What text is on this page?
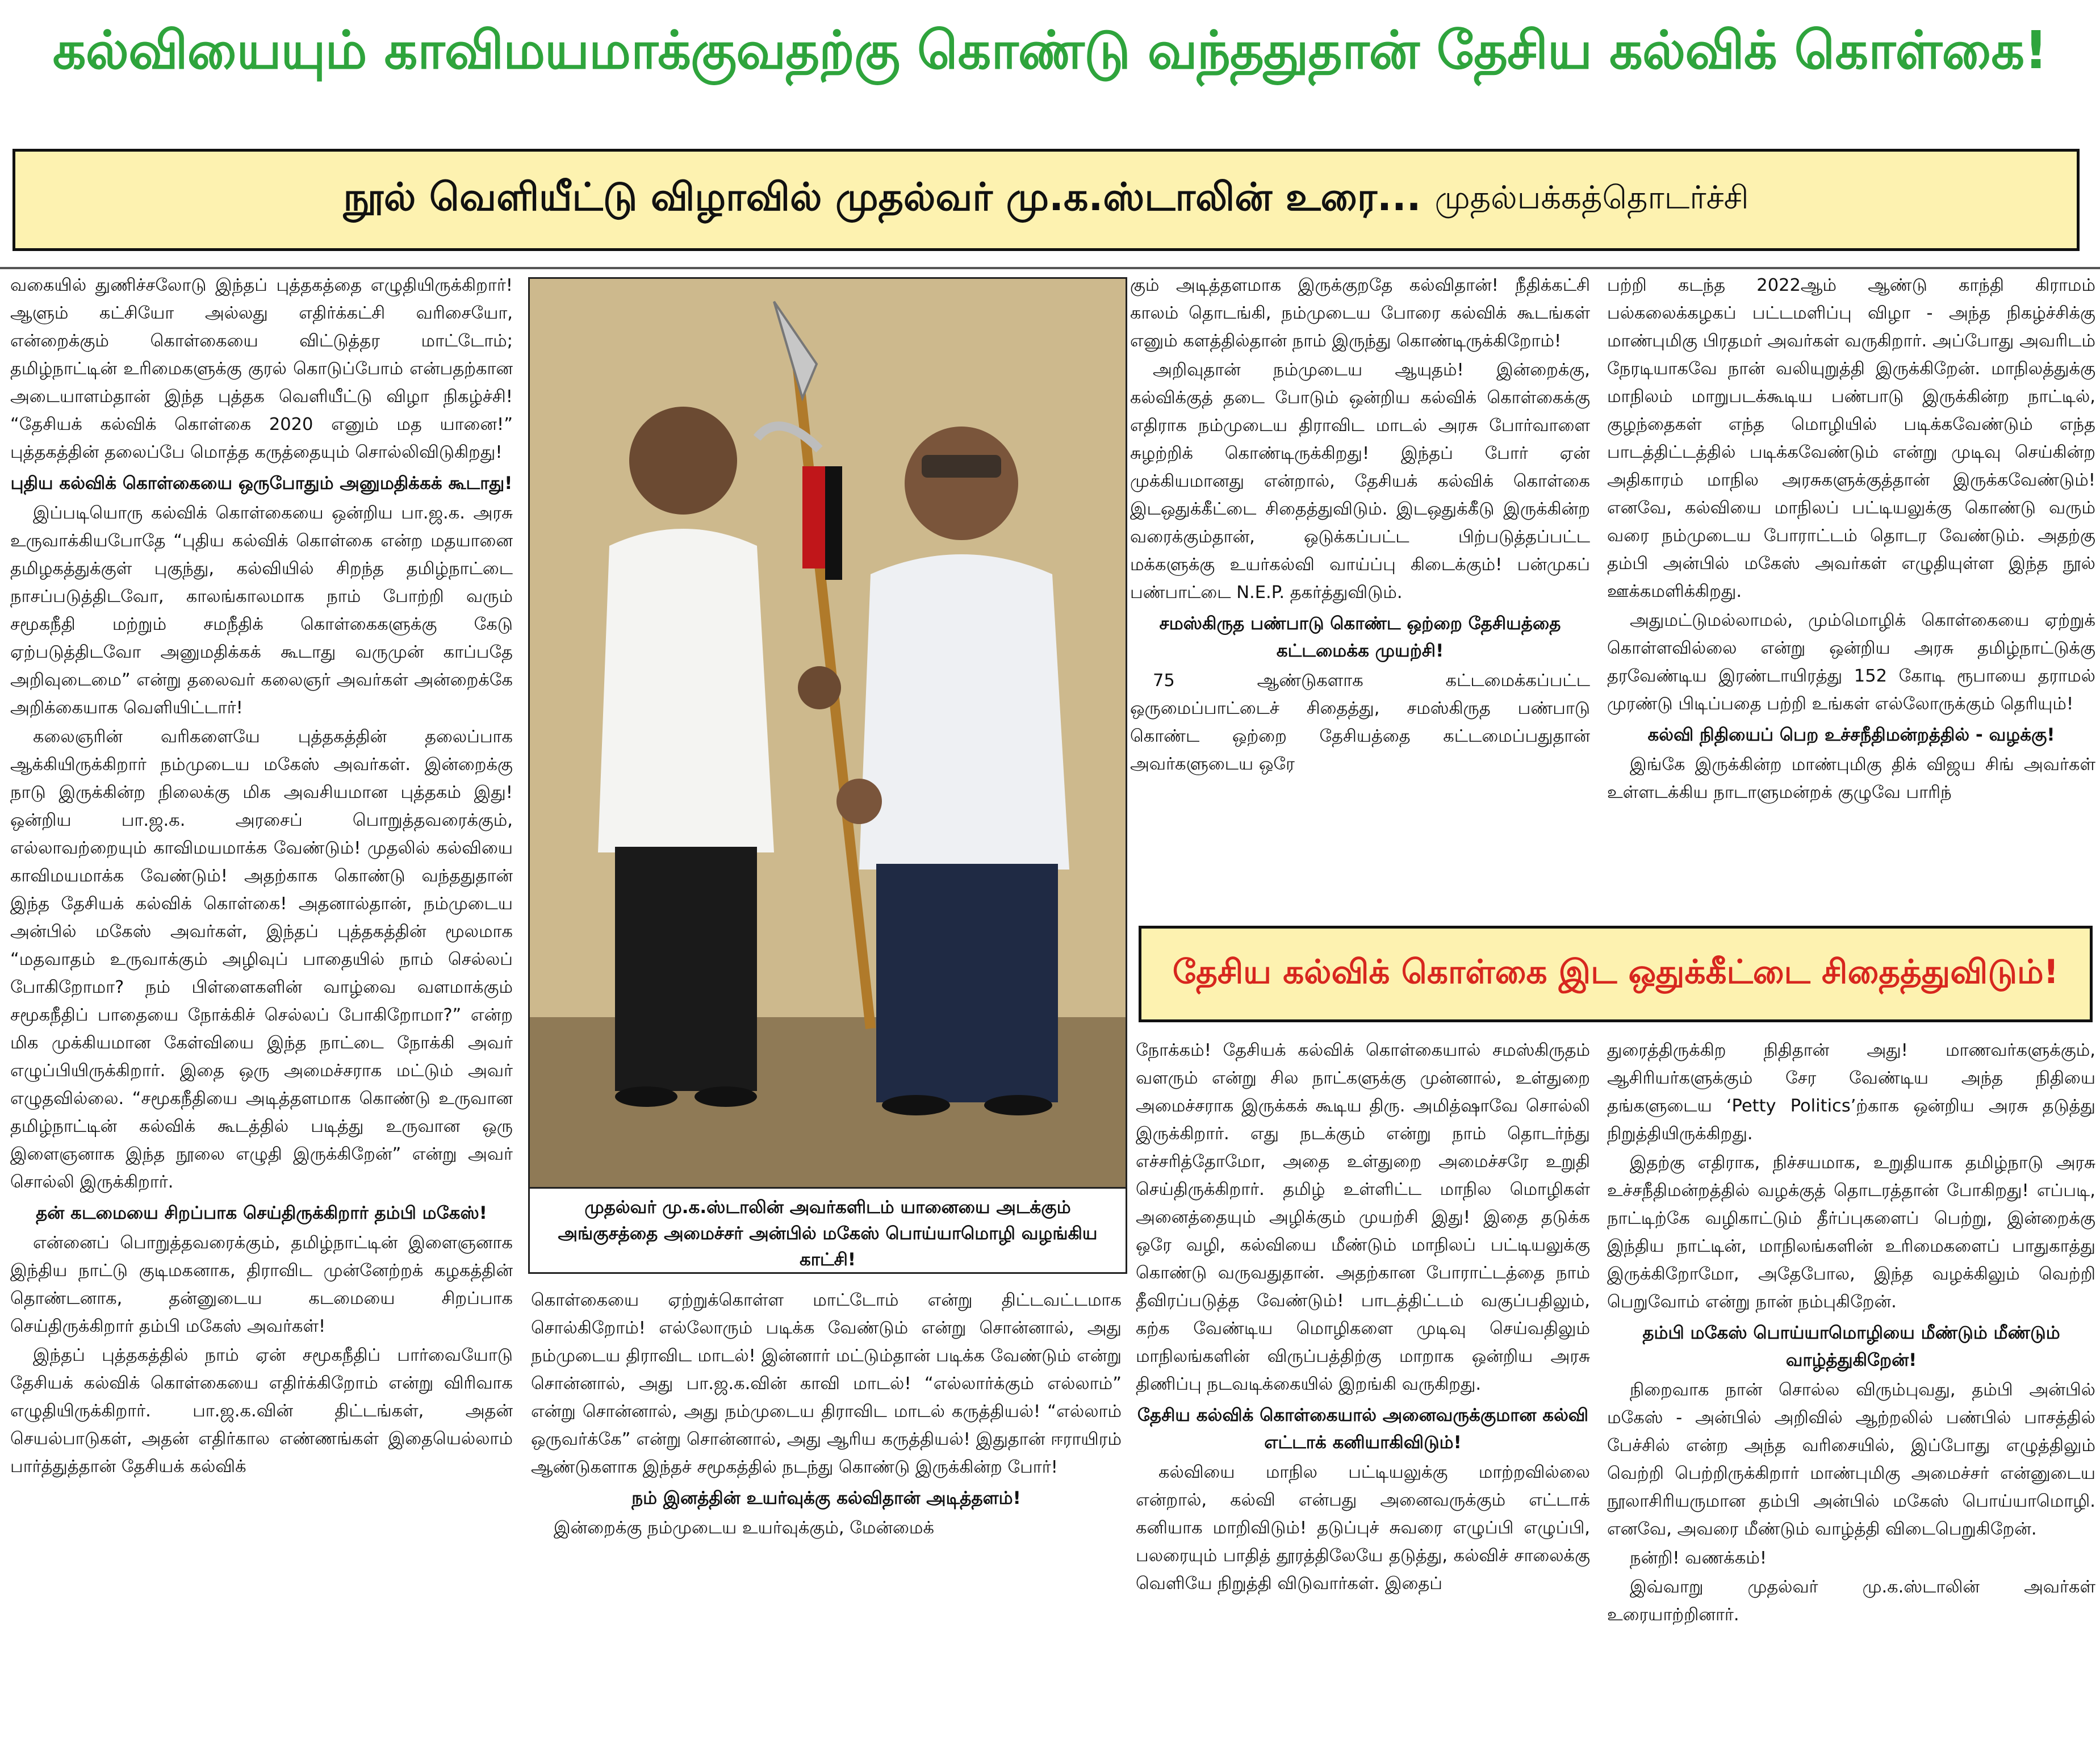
கல்வியையும் காவிமயமாக்குவதற்கு கொண்டு வந்ததுதான் தேசிய கல்விக் கொள்கை!
நூல் வெளியீட்டு விழாவில் முதல்வர் மு.க.ஸ்டாலின் உரை... முதல்பக்கத்தொடர்ச்சி

வகையில் துணிச்சலோடு இந்தப் புத்தகத்தை எழுதியிருக்கிறார்! ஆளும் கட்சியோ அல்லது எதிர்க்கட்சி வரிசையோ, என்றைக்கும் கொள்கையை விட்டுத்தர மாட்டோம்; தமிழ்நாட்டின் உரிமைகளுக்கு குரல் கொடுப்போம் என்பதற்கான அடையாளம்தான் இந்த புத்தக வெளியீட்டு விழா நிகழ்ச்சி! “தேசியக் கல்விக் கொள்கை 2020 எனும் மத யானை!” புத்தகத்தின் தலைப்பே மொத்த கருத்தையும் சொல்லிவிடுகிறது!

புதிய கல்விக் கொள்கையை ஒருபோதும் அனுமதிக்கக் கூடாது!

இப்படியொரு கல்விக் கொள்கையை ஒன்றிய பா.ஜ.க. அரசு உருவாக்கியபோதே “புதிய கல்விக் கொள்கை என்ற மதயானை தமிழகத்துக்குள் புகுந்து, கல்வியில் சிறந்த தமிழ்நாட்டை நாசப்படுத்திடவோ, காலங்காலமாக நாம் போற்றி வரும் சமூகநீதி மற்றும் சமநீதிக் கொள்கைகளுக்கு கேடு ஏற்படுத்திடவோ அனுமதிக்கக் கூடாது வருமுன் காப்பதே அறிவுடைமை” என்று தலைவர் கலைஞர் அவர்கள் அன்றைக்கே அறிக்கையாக வெளியிட்டார்!

கலைஞரின் வரிகளையே புத்தகத்தின் தலைப்பாக ஆக்கியிருக்கிறார் நம்முடைய மகேஸ் அவர்கள். இன்றைக்கு நாடு இருக்கின்ற நிலைக்கு மிக அவசியமான புத்தகம் இது! ஒன்றிய பா.ஜ.க. அரசைப் பொறுத்தவரைக்கும், எல்லாவற்றையும் காவிமயமாக்க வேண்டும்! முதலில் கல்வியை காவிமயமாக்க வேண்டும்! அதற்காக கொண்டு வந்ததுதான் இந்த தேசியக் கல்விக் கொள்கை! அதனால்தான், நம்முடைய அன்பில் மகேஸ் அவர்கள், இந்தப் புத்தகத்தின் மூலமாக “மதவாதம் உருவாக்கும் அழிவுப் பாதையில் நாம் செல்லப் போகிறோமா? நம் பிள்ளைகளின் வாழ்வை வளமாக்கும் சமூகநீதிப் பாதையை நோக்கிச் செல்லப் போகிறோமா?” என்ற மிக முக்கியமான கேள்வியை இந்த நாட்டை நோக்கி அவர் எழுப்பியிருக்கிறார். இதை ஒரு அமைச்சராக மட்டும் அவர் எழுதவில்லை. “சமூகநீதியை அடித்தளமாக கொண்டு உருவான தமிழ்நாட்டின் கல்விக் கூடத்தில் படித்து உருவான ஒரு இளைஞனாக இந்த நூலை எழுதி இருக்கிறேன்” என்று அவர் சொல்லி இருக்கிறார்.

தன் கடமையை சிறப்பாக செய்திருக்கிறார் தம்பி மகேஸ்!

என்னைப் பொறுத்தவரைக்கும், தமிழ்நாட்டின் இளைஞனாக இந்திய நாட்டு குடிமகனாக, திராவிட முன்னேற்றக் கழகத்தின் தொண்டனாக, தன்னுடைய கடமையை சிறப்பாக செய்திருக்கிறார் தம்பி மகேஸ் அவர்கள்!

இந்தப் புத்தகத்தில் நாம் ஏன் சமூகநீதிப் பார்வையோடு தேசியக் கல்விக் கொள்கையை எதிர்க்கிறோம் என்று விரிவாக எழுதியிருக்கிறார். பா.ஜ.க.வின் திட்டங்கள், அதன் செயல்பாடுகள், அதன் எதிர்கால எண்ணங்கள் இதையெல்லாம் பார்த்துத்தான் தேசியக் கல்விக்

முதல்வர் மு.க.ஸ்டாலின் அவர்களிடம் யானையை அடக்கும் அங்குசத்தை அமைச்சர் அன்பில் மகேஸ் பொய்யாமொழி வழங்கிய காட்சி!

கும் அடித்தளமாக இருக்குறதே கல்விதான்! நீதிக்கட்சி காலம் தொடங்கி, நம்முடைய போரை கல்விக் கூடங்கள் எனும் களத்தில்தான் நாம் இருந்து கொண்டிருக்கிறோம்!

அறிவுதான் நம்முடைய ஆயுதம்! இன்றைக்கு, கல்விக்குத் தடை போடும் ஒன்றிய கல்விக் கொள்கைக்கு எதிராக நம்முடைய திராவிட மாடல் அரசு போர்வாளை சுழற்றிக் கொண்டிருக்கிறது! இந்தப் போர் ஏன் முக்கியமானது என்றால், தேசியக் கல்விக் கொள்கை இடஒதுக்கீட்டை சிதைத்துவிடும். இடஒதுக்கீடு இருக்கின்ற வரைக்கும்தான், ஒடுக்கப்பட்ட பிற்படுத்தப்பட்ட மக்களுக்கு உயர்கல்வி வாய்ப்பு கிடைக்கும்! பன்முகப் பண்பாட்டை N.E.P. தகர்த்துவிடும்.

சமஸ்கிருத பண்பாடு கொண்ட ஒற்றை தேசியத்தை கட்டமைக்க முயற்சி!

75 ஆண்டுகளாக கட்டமைக்கப்பட்ட ஒருமைப்பாட்டைச் சிதைத்து, சமஸ்கிருத பண்பாடு கொண்ட ஒற்றை தேசியத்தை கட்டமைப்பதுதான் அவர்களுடைய ஒரே

பற்றி கடந்த 2022ஆம் ஆண்டு காந்தி கிராமம் பல்கலைக்கழகப் பட்டமளிப்பு விழா - அந்த நிகழ்ச்சிக்கு மாண்புமிகு பிரதமர் அவர்கள் வருகிறார். அப்போது அவரிடம் நேரடியாகவே நான் வலியுறுத்தி இருக்கிறேன். மாநிலத்துக்கு மாநிலம் மாறுபடக்கூடிய பண்பாடு இருக்கின்ற நாட்டில், குழந்தைகள் எந்த மொழியில் படிக்கவேண்டும் எந்த பாடத்திட்டத்தில் படிக்கவேண்டும் என்று முடிவு செய்கின்ற அதிகாரம் மாநில அரசுகளுக்குத்தான் இருக்கவேண்டும்! எனவே, கல்வியை மாநிலப் பட்டியலுக்கு கொண்டு வரும் வரை நம்முடைய போராட்டம் தொடர வேண்டும். அதற்கு தம்பி அன்பில் மகேஸ் அவர்கள் எழுதியுள்ள இந்த நூல் ஊக்கமளிக்கிறது.

அதுமட்டுமல்லாமல், மும்மொழிக் கொள்கையை ஏற்றுக் கொள்ளவில்லை என்று ஒன்றிய அரசு தமிழ்நாட்டுக்கு தரவேண்டிய இரண்டாயிரத்து 152 கோடி ரூபாயை தராமல் முரண்டு பிடிப்பதை பற்றி உங்கள் எல்லோருக்கும் தெரியும்!

கல்வி நிதியைப் பெற உச்சநீதிமன்றத்தில் - வழக்கு!

இங்கே இருக்கின்ற மாண்புமிகு திக் விஜய சிங் அவர்கள் உள்ளடக்கிய நாடாளுமன்றக் குழுவே பாரிந்

தேசிய கல்விக் கொள்கை இட ஒதுக்கீட்டை சிதைத்துவிடும்!

நோக்கம்! தேசியக் கல்விக் கொள்கையால் சமஸ்கிருதம் வளரும் என்று சில நாட்களுக்கு முன்னால், உள்துறை அமைச்சராக இருக்கக் கூடிய திரு. அமித்ஷாவே சொல்லி இருக்கிறார். எது நடக்கும் என்று நாம் தொடர்ந்து எச்சரித்தோமோ, அதை உள்துறை அமைச்சரே உறுதி செய்திருக்கிறார். தமிழ் உள்ளிட்ட மாநில மொழிகள் அனைத்தையும் அழிக்கும் முயற்சி இது! இதை தடுக்க ஒரே வழி, கல்வியை மீண்டும் மாநிலப் பட்டியலுக்கு கொண்டு வருவதுதான். அதற்கான போராட்டத்தை நாம் தீவிரப்படுத்த வேண்டும்! பாடத்திட்டம் வகுப்பதிலும், கற்க வேண்டிய மொழிகளை முடிவு செய்வதிலும் மாநிலங்களின் விருப்பத்திற்கு மாறாக ஒன்றிய அரசு திணிப்பு நடவடிக்கையில் இறங்கி வருகிறது.

தேசிய கல்விக் கொள்கையால் அனைவருக்குமான கல்வி எட்டாக் கனியாகிவிடும்!

கல்வியை மாநில பட்டியலுக்கு மாற்றவில்லை என்றால், கல்வி என்பது அனைவருக்கும் எட்டாக் கனியாக மாறிவிடும்! தடுப்புச் சுவரை எழுப்பி எழுப்பி, பலரையும் பாதித் தூரத்திலேயே தடுத்து, கல்விச் சாலைக்கு வெளியே நிறுத்தி விடுவார்கள். இதைப்

துரைத்திருக்கிற நிதிதான் அது! மாணவர்களுக்கும், ஆசிரியர்களுக்கும் சேர வேண்டிய அந்த நிதியை தங்களுடைய ‘Petty Politics’ற்காக ஒன்றிய அரசு தடுத்து நிறுத்தியிருக்கிறது.

இதற்கு எதிராக, நிச்சயமாக, உறுதியாக தமிழ்நாடு அரசு உச்சநீதிமன்றத்தில் வழக்குத் தொடரத்தான் போகிறது! எப்படி, நாட்டிற்கே வழிகாட்டும் தீர்ப்புகளைப் பெற்று, இன்றைக்கு இந்திய நாட்டின், மாநிலங்களின் உரிமைகளைப் பாதுகாத்து இருக்கிறோமோ, அதேபோல, இந்த வழக்கிலும் வெற்றி பெறுவோம் என்று நான் நம்புகிறேன்.

தம்பி மகேஸ் பொய்யாமொழியை மீண்டும் மீண்டும் வாழ்த்துகிறேன்!

நிறைவாக நான் சொல்ல விரும்புவது, தம்பி அன்பில் மகேஸ் - அன்பில் அறிவில் ஆற்றலில் பண்பில் பாசத்தில் பேச்சில் என்ற அந்த வரிசையில், இப்போது எழுத்திலும் வெற்றி பெற்றிருக்கிறார் மாண்புமிகு அமைச்சர் என்னுடைய நூலாசிரியருமான தம்பி அன்பில் மகேஸ் பொய்யாமொழி. எனவே, அவரை மீண்டும் வாழ்த்தி விடைபெறுகிறேன்.

நன்றி! வணக்கம்!

இவ்வாறு முதல்வர் மு.க.ஸ்டாலின் அவர்கள் உரையாற்றினார்.

கொள்கையை ஏற்றுக்கொள்ள மாட்டோம் என்று திட்டவட்டமாக சொல்கிறோம்! எல்லோரும் படிக்க வேண்டும் என்று சொன்னால், அது நம்முடைய திராவிட மாடல்! இன்னார் மட்டும்தான் படிக்க வேண்டும் என்று சொன்னால், அது பா.ஜ.க.வின் காவி மாடல்! “எல்லார்க்கும் எல்லாம்” என்று சொன்னால், அது நம்முடைய திராவிட மாடல் கருத்தியல்! “எல்லாம் ஒருவர்க்கே” என்று சொன்னால், அது ஆரிய கருத்தியல்! இதுதான் ஈராயிரம் ஆண்டுகளாக இந்தச் சமூகத்தில் நடந்து கொண்டு இருக்கின்ற போர்!

நம் இனத்தின் உயர்வுக்கு கல்விதான் அடித்தளம்!

இன்றைக்கு நம்முடைய உயர்வுக்கும், மேன்மைக்
